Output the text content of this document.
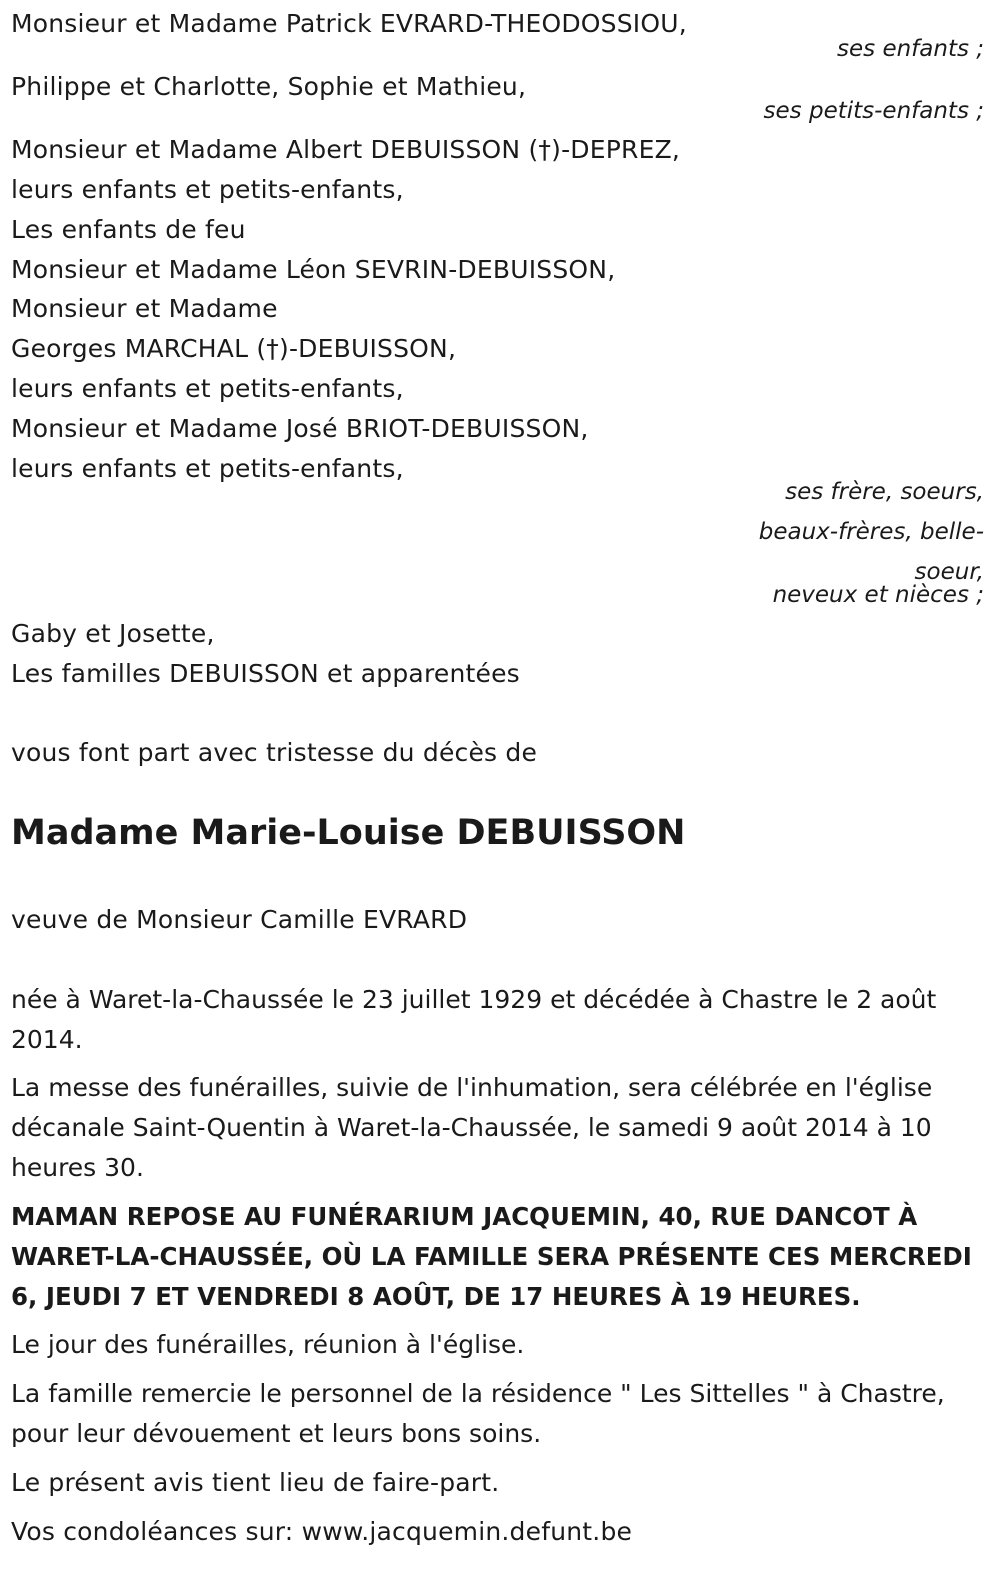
Monsieur et Madame Patrick EVRARD-THEODOSSIOU,
ses enfants ;
Philippe et Charlotte, Sophie et Mathieu,
ses petits-enfants ;
Monsieur et Madame Albert DEBUISSON (†)-DEPREZ,
leurs enfants et petits-enfants,
Les enfants de feu
Monsieur et Madame Léon SEVRIN-DEBUISSON,
Monsieur et Madame
Georges MARCHAL (†)-DEBUISSON,
leurs enfants et petits-enfants,
Monsieur et Madame José BRIOT-DEBUISSON,
leurs enfants et petits-enfants,
ses frère, soeurs,
beaux-frères, belle-
soeur,
neveux et nièces ;
Gaby et Josette,
Les familles DEBUISSON et apparentées
vous font part avec tristesse du décès de
Madame Marie-Louise DEBUISSON
veuve de Monsieur Camille EVRARD
née à Waret-la-Chaussée le 23 juillet 1929 et décédée à Chastre le 2 août 2014.
La messe des funérailles, suivie de l'inhumation, sera célébrée en l'église décanale Saint-Quentin à Waret-la-Chaussée, le samedi 9 août 2014 à 10 heures 30.
MAMAN REPOSE AU FUNÉRARIUM JACQUEMIN, 40, RUE DANCOT À WARET-LA-CHAUSSÉE, OÙ LA FAMILLE SERA PRÉSENTE CES MERCREDI 6, JEUDI 7 ET VENDREDI 8 AOÛT, DE 17 HEURES À 19 HEURES.
Le jour des funérailles, réunion à l'église.
La famille remercie le personnel de la résidence " Les Sittelles " à Chastre, pour leur dévouement et leurs bons soins.
Le présent avis tient lieu de faire-part.
Vos condoléances sur: www.jacquemin.defunt.be
